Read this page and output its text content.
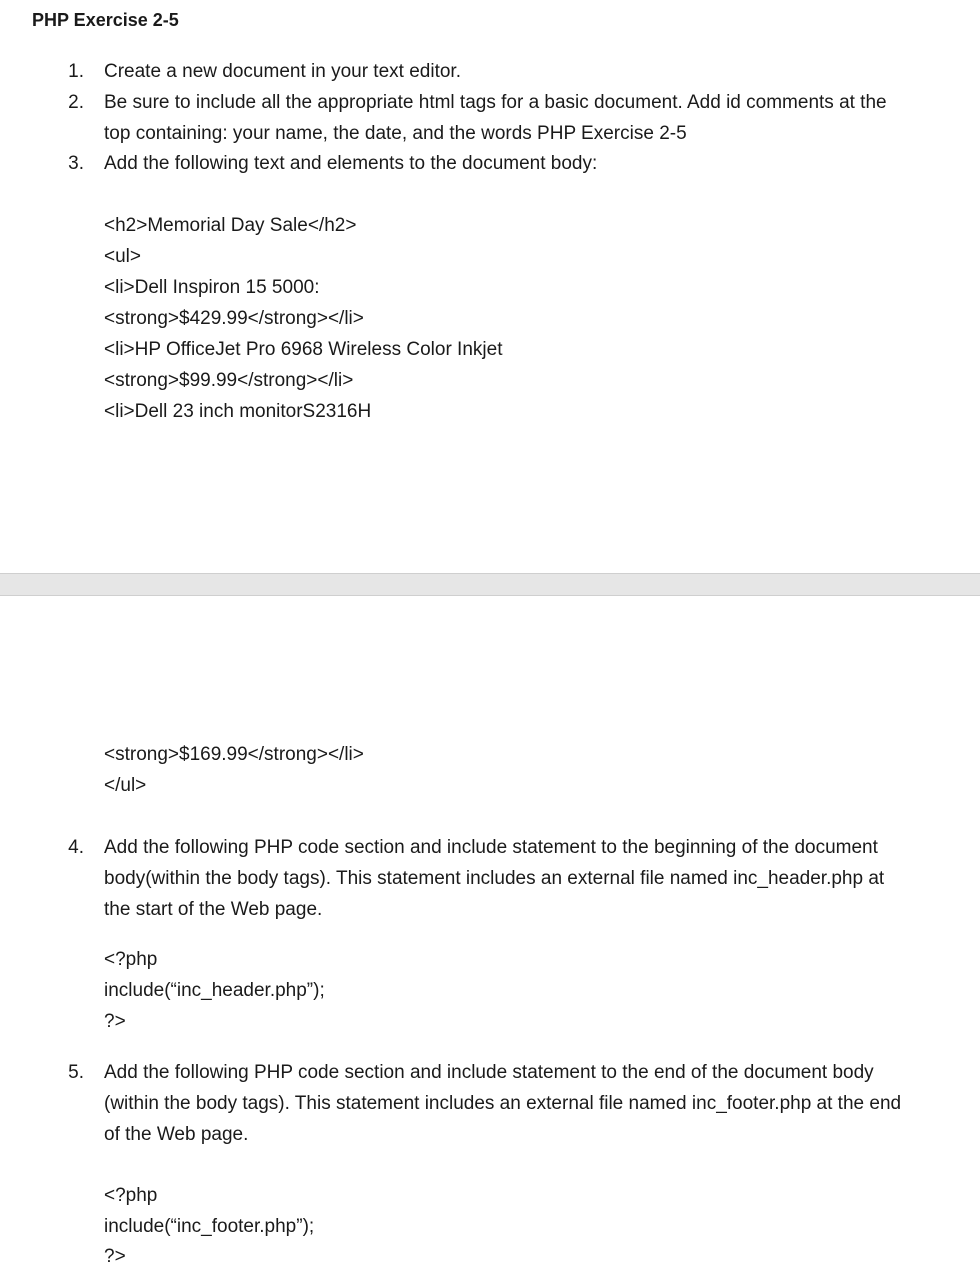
PHP Exercise 2-5
1. Create a new document in your text editor.
2. Be sure to include all the appropriate html tags for a basic document. Add id comments at the
top containing: your name, the date, and the words PHP Exercise 2-5
3. Add the following text and elements to the document body:
<h2>Memorial Day Sale</h2>
<ul>
<li>Dell Inspiron 15 5000:
<strong>$429.99</strong></li>
<li>HP OfficeJet Pro 6968 Wireless Color Inkjet
<strong>$99.99</strong></li>
<li>Dell 23 inch monitorS2316H
<strong>$169.99</strong></li>
</ul>
4. Add the following PHP code section and include statement to the beginning of the document
body(within the body tags). This statement includes an external file named inc_header.php at
the start of the Web page.
<?php
include(“inc_header.php”);
?>
5. Add the following PHP code section and include statement to the end of the document body
(within the body tags). This statement includes an external file named inc_footer.php at the end
of the Web page.
<?php
include(“inc_footer.php”);
?>
